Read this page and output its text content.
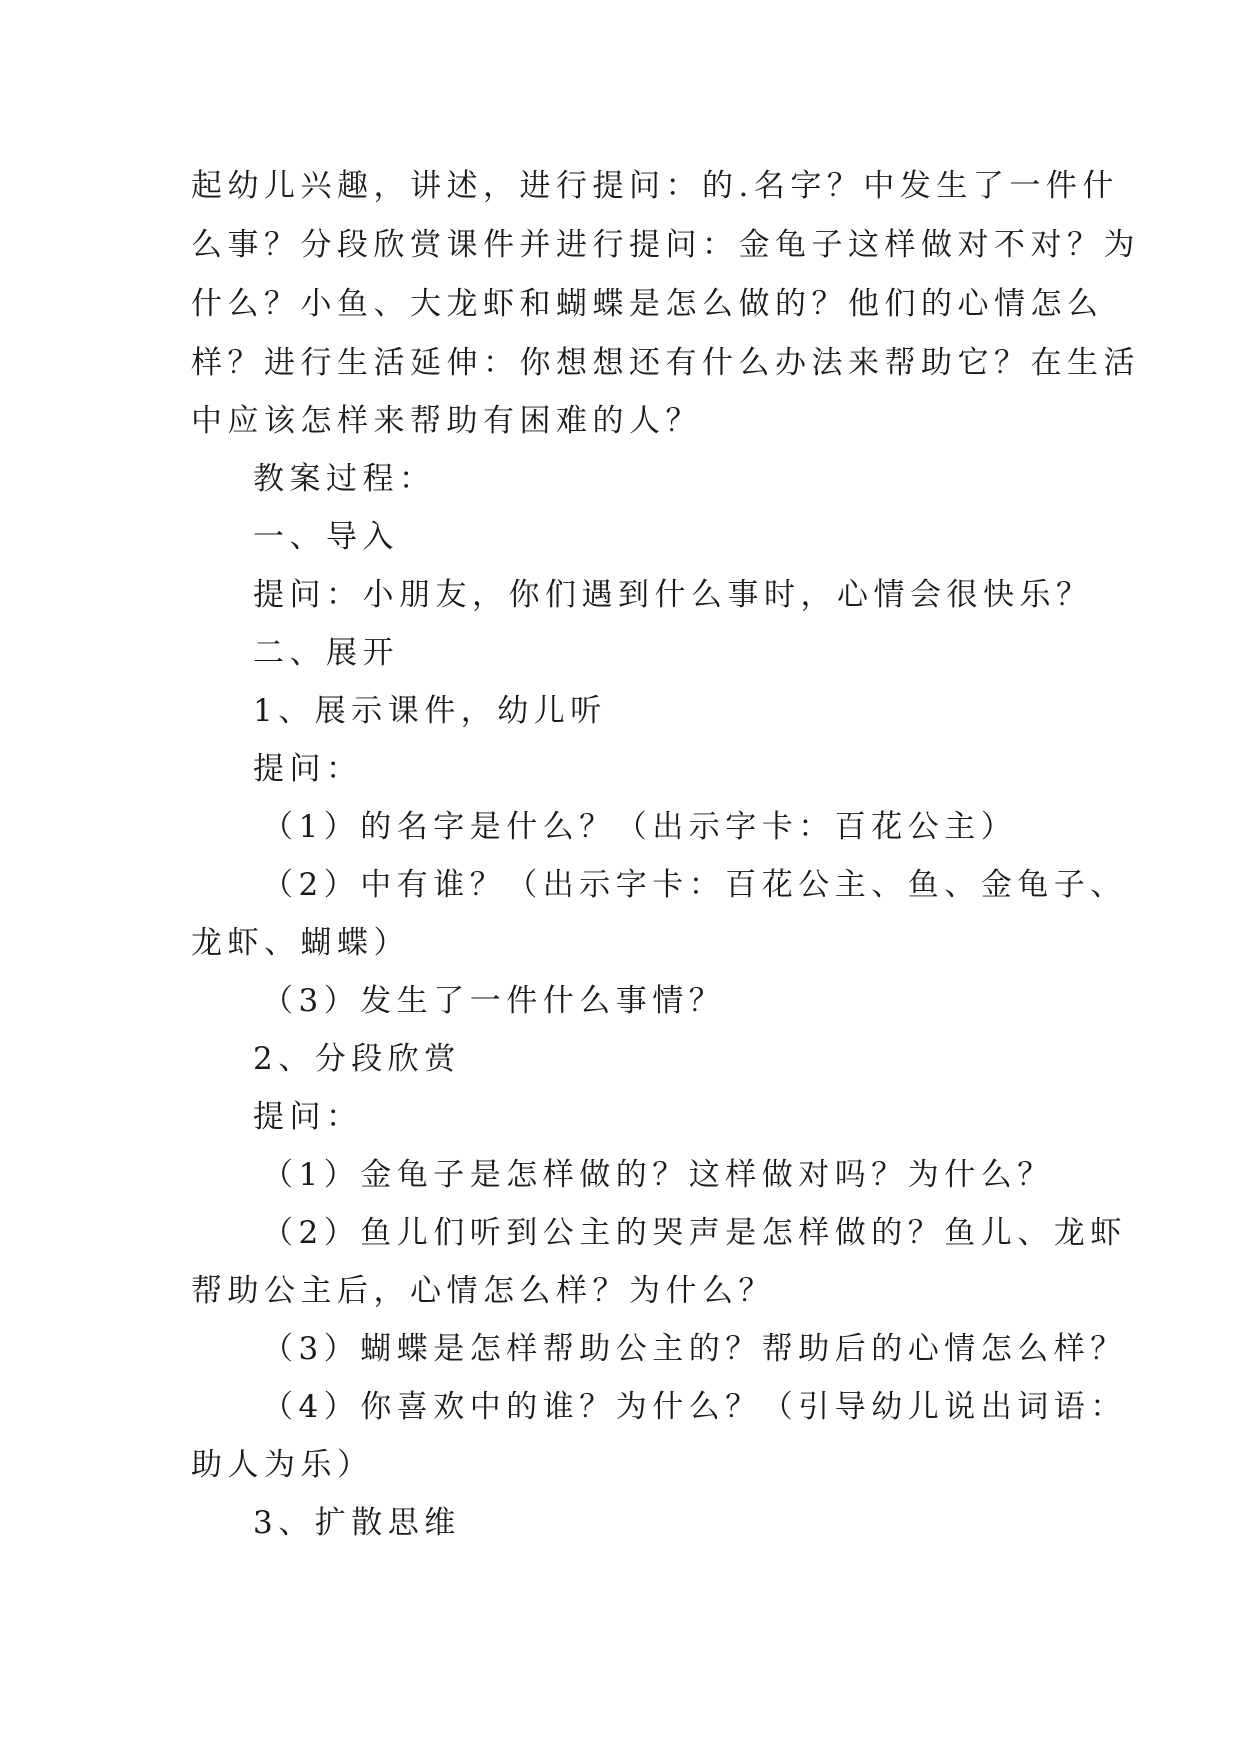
起幼儿兴趣，讲述，进行提问：的.名字？中发生了一件什
么事？分段欣赏课件并进行提问：金龟子这样做对不对？为
什么？小鱼、大龙虾和蝴蝶是怎么做的？他们的心情怎么
样？进行生活延伸：你想想还有什么办法来帮助它？在生活
中应该怎样来帮助有困难的人？
教案过程：
一、导入
提问：小朋友，你们遇到什么事时，心情会很快乐？
二、展开
1、展示课件，幼儿听
提问：
（1）的名字是什么？（出示字卡：百花公主）
（2）中有谁？（出示字卡：百花公主、鱼、金龟子、
龙虾、蝴蝶）
（3）发生了一件什么事情？
2、分段欣赏
提问：
（1）金龟子是怎样做的？这样做对吗？为什么？
（2）鱼儿们听到公主的哭声是怎样做的？鱼儿、龙虾
帮助公主后，心情怎么样？为什么？
（3）蝴蝶是怎样帮助公主的？帮助后的心情怎么样？
（4）你喜欢中的谁？为什么？（引导幼儿说出词语：
助人为乐）
3、扩散思维
